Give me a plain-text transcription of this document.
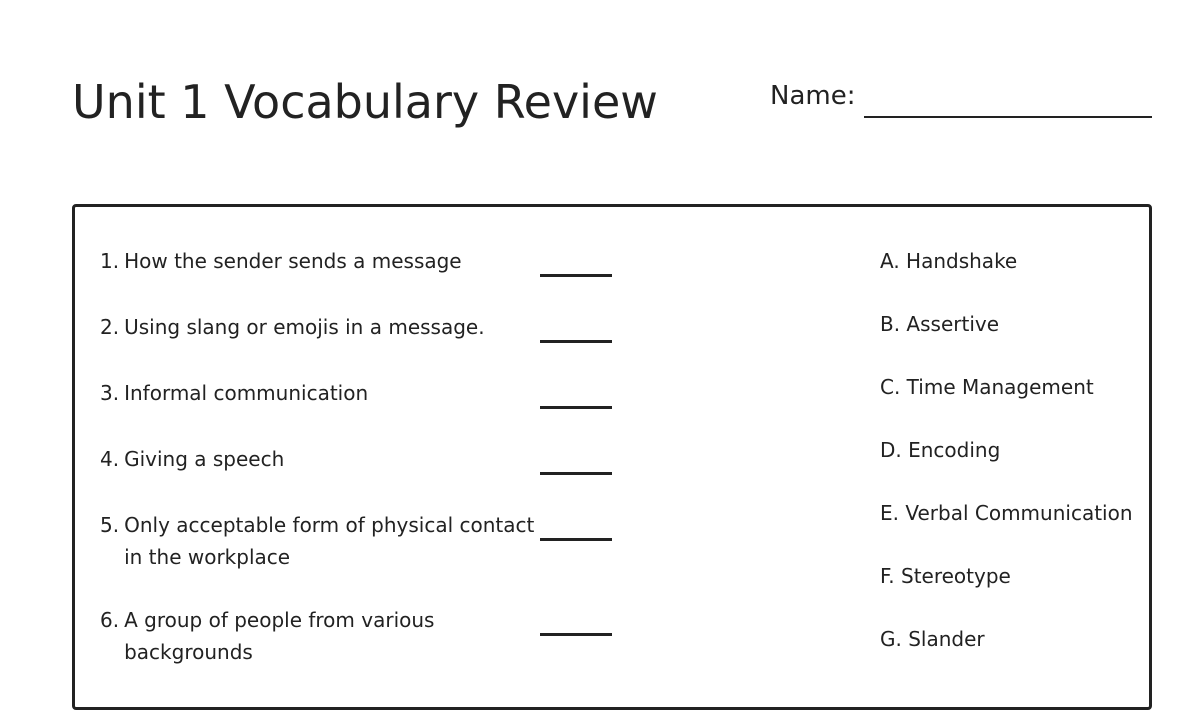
Unit 1 Vocabulary Review	Name:
1. How the sender sends a message
2. Using slang or emojis in a message.
3. Informal communication
4. Giving a speech
5. Only acceptable form of physical contact in the workplace
6. A group of people from various backgrounds
A. Handshake
B. Assertive
C. Time Management
D. Encoding
E. Verbal Communication
F. Stereotype
G. Slander
